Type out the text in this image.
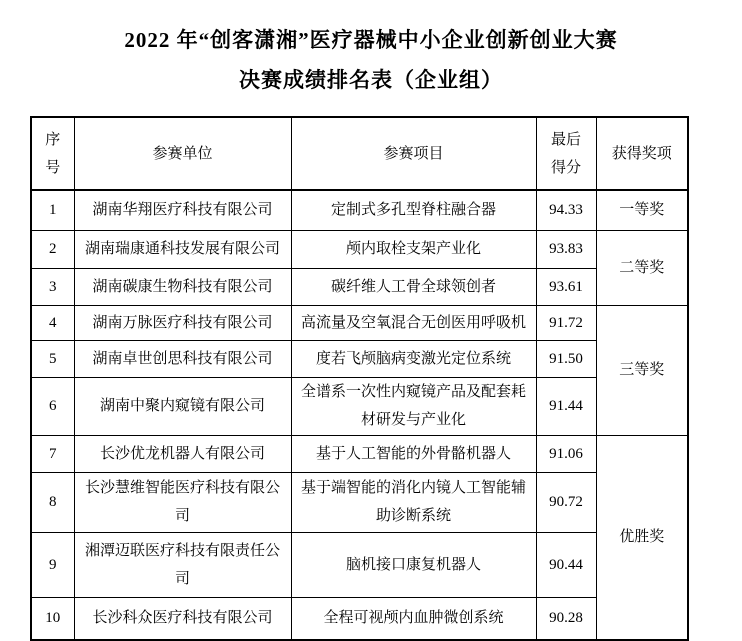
2022 年“创客潇湘”医疗器械中小企业创新创业大赛
决赛成绩排名表（企业组）
序号	参赛单位	参赛项目	最后得分	获得奖项
1	湖南华翔医疗科技有限公司	定制式多孔型脊柱融合器	94.33	一等奖
2	湖南瑞康通科技发展有限公司	颅内取栓支架产业化	93.83	二等奖
3	湖南碳康生物科技有限公司	碳纤维人工骨全球领创者	93.61	
4	湖南万脉医疗科技有限公司	高流量及空氧混合无创医用呼吸机	91.72	三等奖
5	湖南卓世创思科技有限公司	度若飞颅脑病变激光定位系统	91.50	
6	湖南中聚内窥镜有限公司	全谱系一次性内窥镜产品及配套耗材研发与产业化	91.44	
7	长沙优龙机器人有限公司	基于人工智能的外骨骼机器人	91.06	优胜奖
8	长沙慧维智能医疗科技有限公司	基于端智能的消化内镜人工智能辅助诊断系统	90.72	
9	湘潭迈联医疗科技有限责任公司	脑机接口康复机器人	90.44	
10	长沙科众医疗科技有限公司	全程可视颅内血肿微创系统	90.28	
